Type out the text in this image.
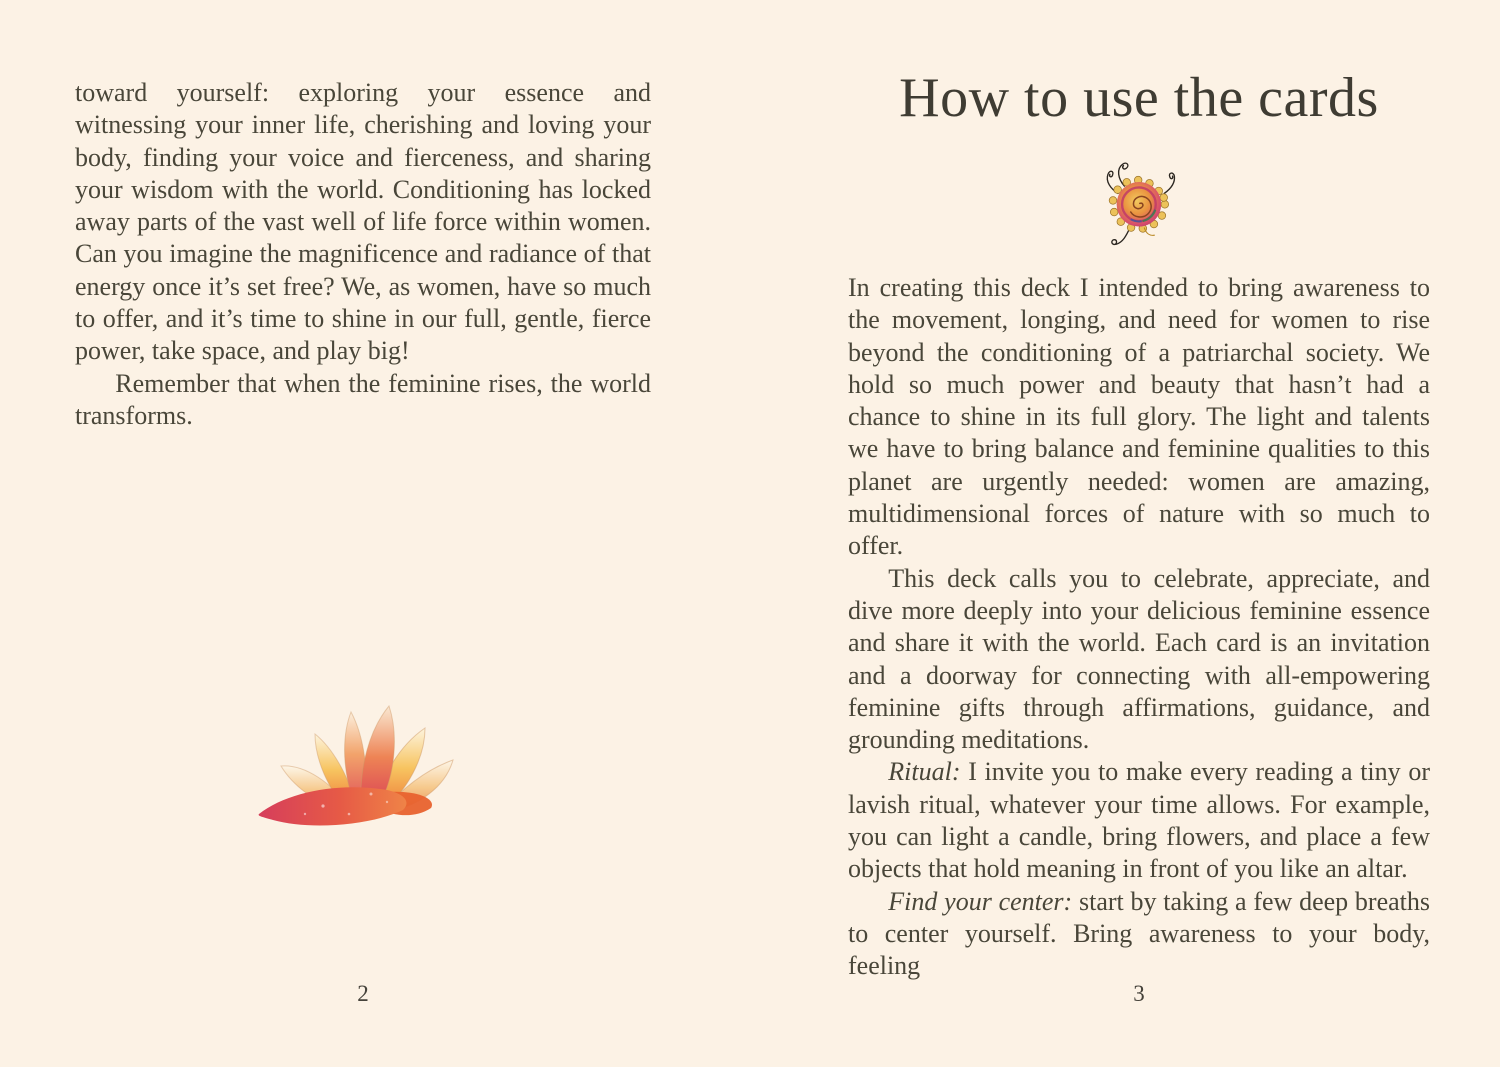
toward yourself: exploring your essence and witnessing your inner life, cherishing and loving your body, finding your voice and fierceness, and sharing your wisdom with the world. Conditioning has locked away parts of the vast well of life force within women. Can you imagine the magnificence and radiance of that energy once it’s set free? We, as women, have so much to offer, and it’s time to shine in our full, gentle, fierce power, take space, and play big!

Remember that when the feminine rises, the world transforms.

2
How to use the cards

In creating this deck I intended to bring awareness to the movement, longing, and need for women to rise beyond the conditioning of a patriarchal society. We hold so much power and beauty that hasn’t had a chance to shine in its full glory. The light and talents we have to bring balance and feminine qualities to this planet are urgently needed: women are amazing, multidimensional forces of nature with so much to offer.

This deck calls you to celebrate, appreciate, and dive more deeply into your delicious feminine essence and share it with the world. Each card is an invitation and a doorway for connecting with all-empowering feminine gifts through affirmations, guidance, and grounding meditations.

Ritual: I invite you to make every reading a tiny or lavish ritual, whatever your time allows. For example, you can light a candle, bring flowers, and place a few objects that hold meaning in front of you like an altar.

Find your center: start by taking a few deep breaths to center yourself. Bring awareness to your body, feeling

3
